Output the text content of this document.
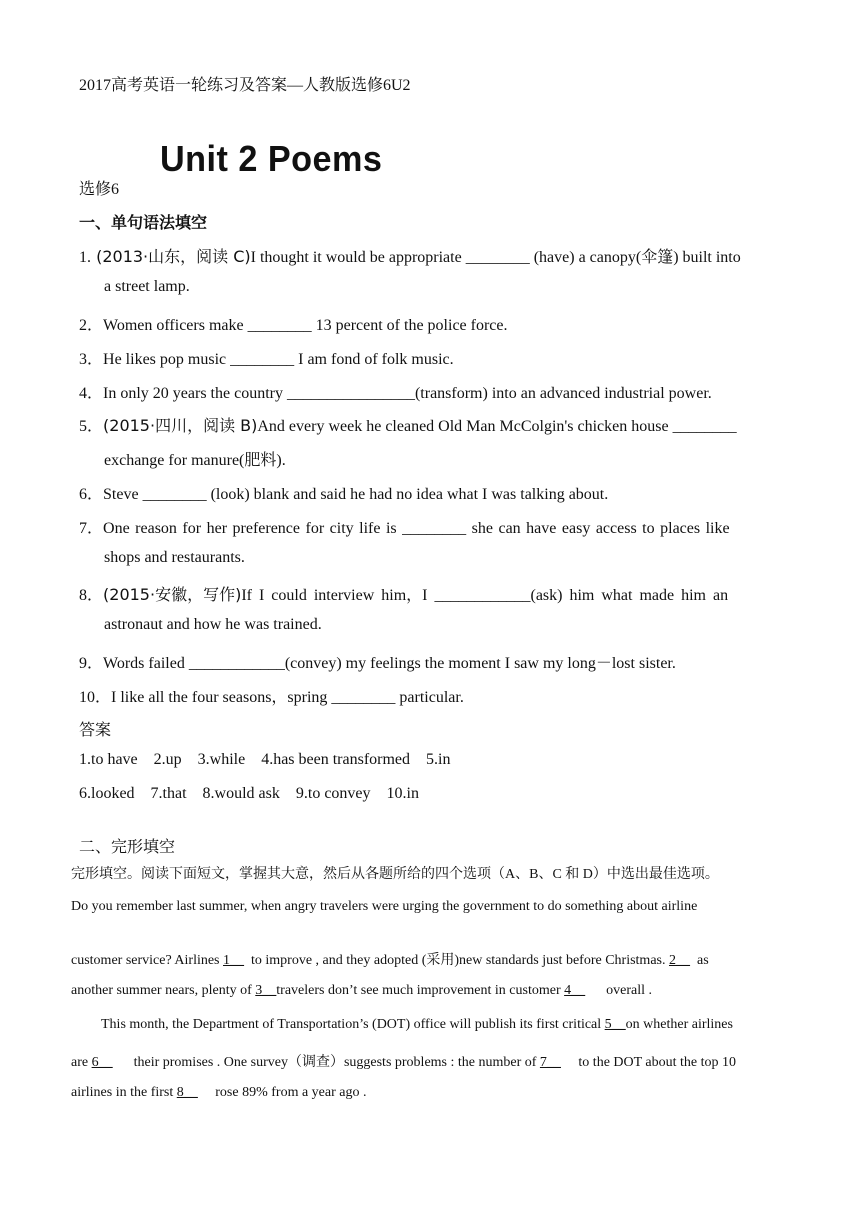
2017高考英语一轮练习及答案—人教版选修6U2
Unit 2 Poems
选修6
一、单句语法填空
1. (2013·山东，阅读 C)I thought it would be appropriate ________ (have) a canopy(伞篷) built into
a street lamp.
2．Women officers make ________ 13 percent of the police force.
3．He likes pop music ________ I am fond of folk music.
4．In only 20 years the country ________________(transform) into an advanced industrial power.
5．(2015·四川，阅读 B)And every week he cleaned Old Man McColgin's chicken house ________
exchange for manure(肥料).
6．Steve ________ (look) blank and said he had no idea what I was talking about.
7．One reason for her preference for city life is ________ she can have easy access to places like
shops and restaurants.
8．(2015·安徽，写作)If I could interview him，I ____________(ask) him what made him an
astronaut and how he was trained.
9．Words failed ____________(convey) my feelings the moment I saw my long－lost sister.
10．I like all the four seasons，spring ________ particular.
答案
1.to have    2.up    3.while    4.has been transformed    5.in
6.looked    7.that    8.would ask    9.to convey    10.in
二、完形填空
完形填空。阅读下面短文，掌握其大意，然后从各题所给的四个选项（A、B、C 和 D）中选出最佳选项。
Do you remember last summer, when angry travelers were urging the government to do something about airline

customer service? Airlines 1__  to improve , and they adopted (采用)new standards just before Christmas. 2__  as

another summer nears, plenty of 3__travelers don’t see much improvement in customer 4__      overall .

This month, the Department of Transportation’s (DOT) office will publish its first critical 5__on whether airlines

are 6__      their promises . One survey（调查）suggests problems : the number of 7__     to the DOT about the top 10

airlines in the first 8__     rose 89% from a year ago .
